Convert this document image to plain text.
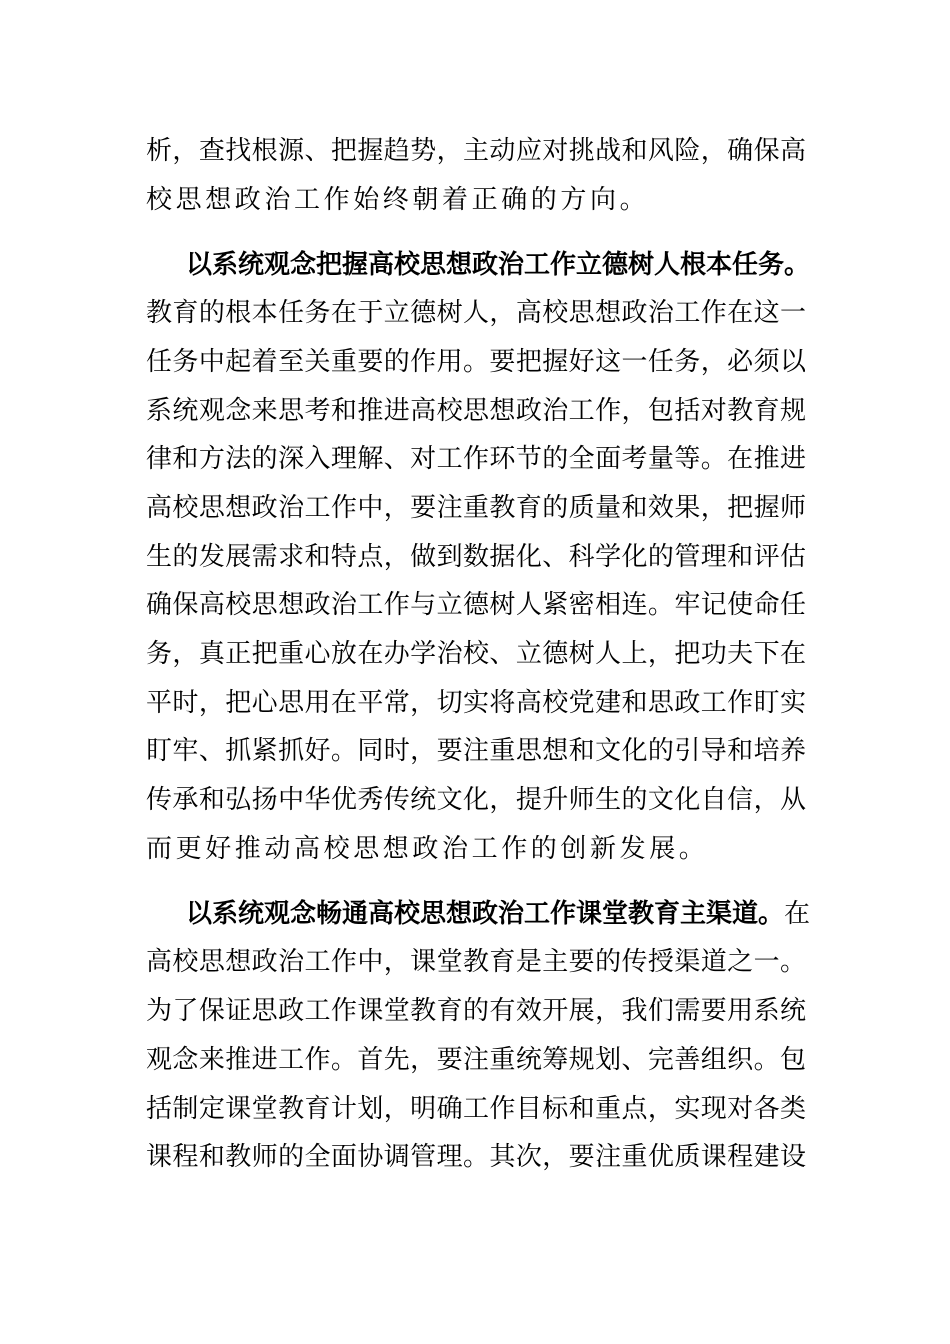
析，查找根源、把握趋势，主动应对挑战和风险，确保高
校思想政治工作始终朝着正确的方向。
以系统观念把握高校思想政治工作立德树人根本任务。
教育的根本任务在于立德树人，高校思想政治工作在这一
任务中起着至关重要的作用。要把握好这一任务，必须以
系统观念来思考和推进高校思想政治工作，包括对教育规
律和方法的深入理解、对工作环节的全面考量等。在推进
高校思想政治工作中，要注重教育的质量和效果，把握师
生的发展需求和特点，做到数据化、科学化的管理和评估
确保高校思想政治工作与立德树人紧密相连。牢记使命任
务，真正把重心放在办学治校、立德树人上，把功夫下在
平时，把心思用在平常，切实将高校党建和思政工作盯实
盯牢、抓紧抓好。同时，要注重思想和文化的引导和培养
传承和弘扬中华优秀传统文化，提升师生的文化自信，从
而更好推动高校思想政治工作的创新发展。
以系统观念畅通高校思想政治工作课堂教育主渠道。在
高校思想政治工作中，课堂教育是主要的传授渠道之一。
为了保证思政工作课堂教育的有效开展，我们需要用系统
观念来推进工作。首先，要注重统筹规划、完善组织。包
括制定课堂教育计划，明确工作目标和重点，实现对各类
课程和教师的全面协调管理。其次，要注重优质课程建设
